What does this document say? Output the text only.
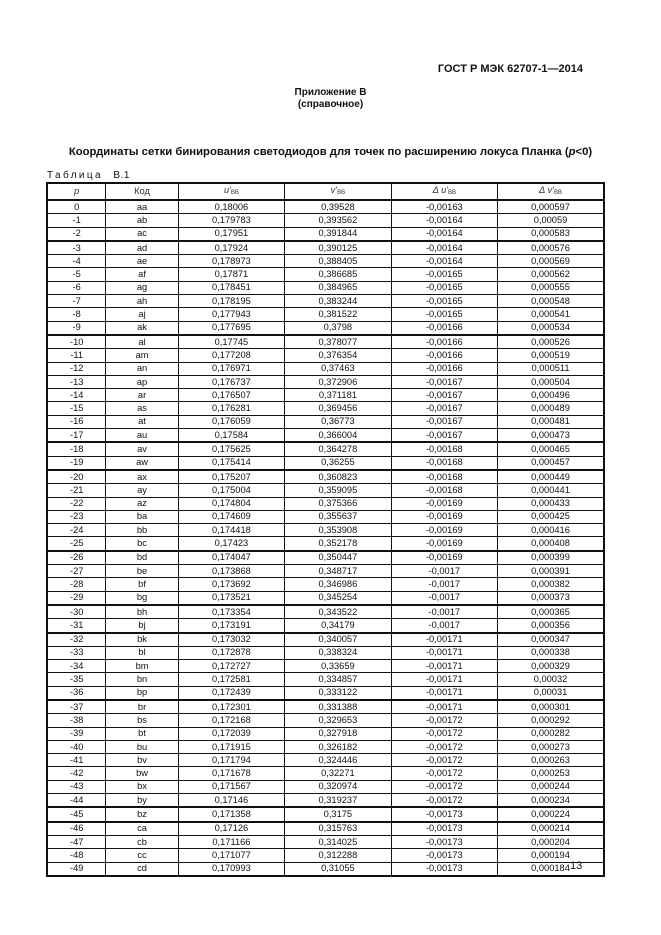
ГОСТ Р МЭК 62707-1—2014
Приложение В
(справочное)
Координаты сетки бинирования светодиодов для точек по расширению локуса Планка (p<0)
Таблица В.1
p	Код	$u'_{BB}$	$v'_{BB}$	Δ $u'_{BB}$	Δ $v'_{BB}$
0	aa	0,18006	0,39528	-0,00163	0,000597
-1	ab	0,179783	0,393562	-0,00164	0,00059
-2	ac	0,17951	0,391844	-0,00164	0,000583
-3	ad	0,17924	0,390125	-0,00164	0,000576
-4	ae	0,178973	0,388405	-0,00164	0,000569
-5	af	0,17871	0,386685	-0,00165	0,000562
-6	ag	0,178451	0,384965	-0,00165	0,000555
-7	ah	0,178195	0,383244	-0,00165	0,000548
-8	aj	0,177943	0,381522	-0,00165	0,000541
-9	ak	0,177695	0,3798	-0,00166	0,000534
-10	al	0,17745	0,378077	-0,00166	0,000526
-11	am	0,177208	0,376354	-0,00166	0,000519
-12	an	0,176971	0,37463	-0,00166	0,000511
-13	ap	0,176737	0,372906	-0,00167	0,000504
-14	ar	0,176507	0,371181	-0,00167	0,000496
-15	as	0,176281	0,369456	-0,00167	0,000489
-16	at	0,176059	0,36773	-0,00167	0,000481
-17	au	0,17584	0,366004	-0,00167	0,000473
-18	av	0,175625	0,364278	-0,00168	0,000465
-19	aw	0,175414	0,36255	-0,00168	0,000457
-20	ax	0,175207	0,360823	-0,00168	0,000449
-21	ay	0,175004	0,359095	-0,00168	0,000441
-22	az	0,174804	0,375366	-0,00169	0,000433
-23	ba	0,174609	0,355637	-0,00169	0,000425
-24	bb	0,174418	0,353908	-0,00169	0,000416
-25	bc	0,17423	0,352178	-0,00169	0,000408
-26	bd	0,174047	0,350447	-0,00169	0,000399
-27	be	0,173868	0,348717	-0,0017	0,000391
-28	bf	0,173692	0,346986	-0,0017	0,000382
-29	bg	0,173521	0,345254	-0,0017	0,000373
-30	bh	0,173354	0,343522	-0,0017	0,000365
-31	bj	0,173191	0,34179	-0,0017	0,000356
-32	bk	0,173032	0,340057	-0,00171	0,000347
-33	bl	0,172878	0,338324	-0,00171	0,000338
-34	bm	0,172727	0,33659	-0,00171	0,000329
-35	bn	0,172581	0,334857	-0,00171	0,00032
-36	bp	0,172439	0,333122	-0,00171	0,00031
-37	br	0,172301	0,331388	-0,00171	0,000301
-38	bs	0,172168	0,329653	-0,00172	0,000292
-39	bt	0,172039	0,327918	-0,00172	0,000282
-40	bu	0,171915	0,326182	-0,00172	0,000273
-41	bv	0,171794	0,324446	-0,00172	0,000263
-42	bw	0,171678	0,32271	-0,00172	0,000253
-43	bx	0,171567	0,320974	-0,00172	0,000244
-44	by	0,17146	0,319237	-0,00172	0,000234
-45	bz	0,171358	0,3175	-0,00173	0,000224
-46	ca	0,17126	0,315763	-0,00173	0,000214
-47	cb	0,171166	0,314025	-0,00173	0,000204
-48	cc	0,171077	0,312288	-0,00173	0,000194
-49	cd	0,170993	0,31055	-0,00173	0,000184 13
